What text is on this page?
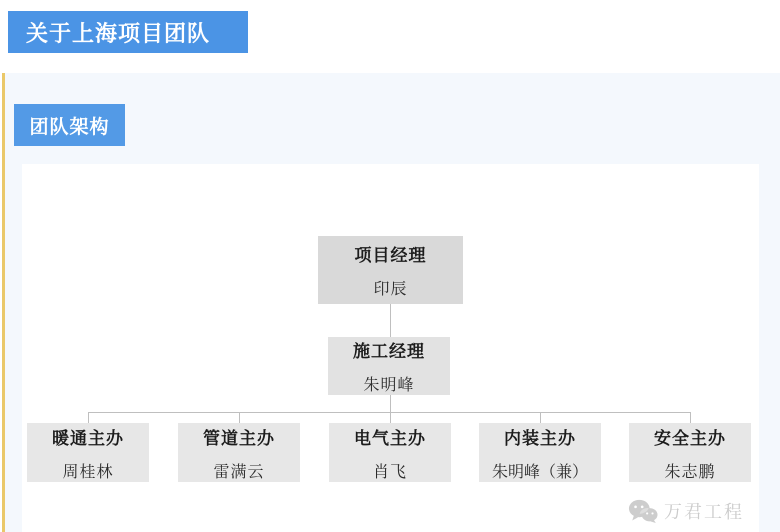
关于上海项目团队
团队架构
项目经理
印辰
施工经理
朱明峰
暖通主办
周桂林
管道主办
雷满云
电气主办
肖飞
内装主办
朱明峰（兼）
安全主办
朱志鹏
万君工程
